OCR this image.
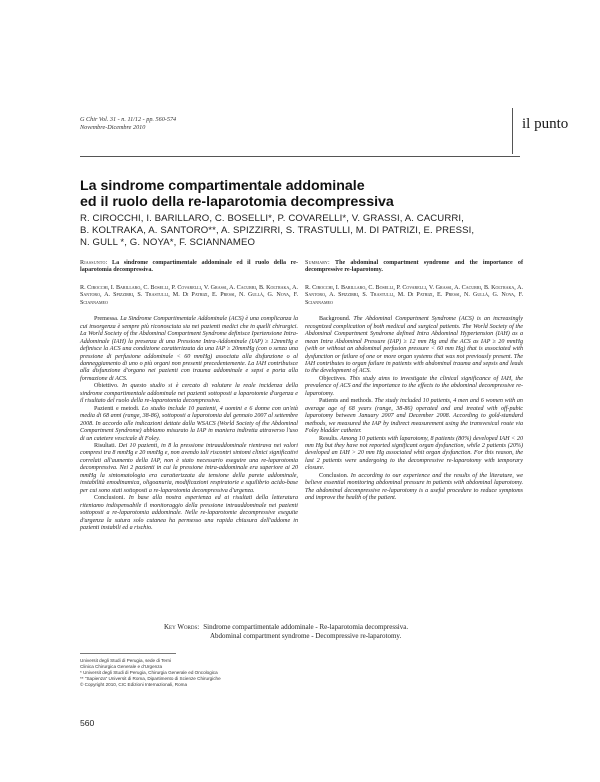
G Chir Vol. 31 - n. 11/12 - pp. 560-574
Novembre-Dicembre 2010	il punto
La sindrome compartimentale addominale
ed il ruolo della re-laparotomia decompressiva
R. CIROCCHI, I. BARILLARO, C. BOSELLI*, P. COVARELLI*, V. GRASSI, A. CACURRI,
B. KOLTRAKA, A. SANTORO**, A. SPIZZIRRI, S. TRASTULLI, M. DI PATRIZI, E. PRESSI,
N. GULL *, G. NOYA*, F. SCIANNAMEO
Riassunto: La sindrome compartimentale addominale ed il ruolo della re-laparotomia decompressiva.
R. Cirocchi, I. Barillaro, C. Boselli, P. Covarelli, V. Grassi, A. Cacurri, B. Koltraka, A. Santoro, A. Spizzirri, S. Trastulli, M. Di Patrizi, E. Pressi, N. Gullà, G. Noya, F. Sciannameo

Premessa. La Sindrome Compartimentale Addominale (ACS) è una complicanza la cui insorgenza è sempre più riconosciuta sia nei pazienti medici che in quelli chirurgici. La World Society of the Abdominal Compartment Syndrome definisce Ipertensione Intra-Addominale (IAH) la presenza di una Pressione Intra-Addominale (IAP) ≥ 12mmHg e definisce la ACS una condizione caratterizzata da una IAP ≥ 20mmHg (con o senza una pressione di perfusione addominale < 60 mmHg) associata alla disfunzione o al danneggiamento di uno o più organi non presenti precedentemente. La IAH contribuisce alla disfunzione d'organo nei pazienti con trauma addominale e sepsi e porta alla formazione di ACS.

Obiettivo. In questo studio si è cercato di valutare la reale incidenza della sindrome compartimentale addominale nei pazienti sottoposti a laparotomie d'urgenza e il risultato del ruolo della re-laparotomia decompressiva.

Pazienti e metodi. Lo studio include 10 pazienti, 4 uomini e 6 donne con un'età media di 68 anni (range, 38-86), sottoposti a laparotomia dal gennaio 2007 al settembre 2008. In accordo alle indicazioni dettate dalla WSACS (World Society of the Abdominal Compartment Syndrome) abbiamo misurato la IAP in maniera indiretta attraverso l'uso di un catetere vescicale di Foley.

Risultati. Dei 10 pazienti, in 8 la pressione intraaddominale rientrava nei valori compresi tra 8 mmHg e 20 mmHg e, non avendo tali riscontri sintomi clinici significativi correlati all'aumento della IAP, non è stato necessario eseguire una re-laparotomia decompressiva. Nei 2 pazienti in cui la pressione intra-addominale era superiore ai 20 mmHg la sintomatologia era caratterizzata da tensione della parete addominale, instabilità emodinamica, oligoanuria, modificazioni respiratorie e squilibrio acido-base per cui sono stati sottoposti a re-laparotomia decompressiva d'urgenza.

Conclusioni. In base alla nostra esperienza ed ai risultati della letteratura riteniamo indispensabile il monitoraggio della pressione intraaddominale nei pazienti sottoposti a re-laparotomia addominale. Nelle re-laparotomie decompressive eseguite d'urgenza la sutura solo cutanea ha permesso una rapida chiusura dell'addome in pazienti instabili ed a rischio.

Summary: The abdominal compartment syndrome and the importance of decompressive re-laparotomy.
R. Cirocchi, I. Barillaro, C. Boselli, P. Covarelli, V. Grassi, A. Cacurri, B. Koltraka, A. Santoro, A. Spizzirri, S. Trastulli, M. Di Patrizi, E. Pressi, N. Gullà, G. Noya, F. Sciannameo

Background. The Abdominal Compartment Syndrome (ACS) is an increasingly recognized complication of both medical and surgical patients. The World Society of the Abdominal Compartment Syndrome defined Intra Abdominal Hypertension (IAH) as a mean Intra Abdominal Pressure (IAP) ≥ 12 mm Hg and the ACS as IAP ≥ 20 mmHg (with or without an abdominal perfusion pressure < 60 mm Hg) that is associated with dysfunction or failure of one or more organ systems that was not previously present. The IAH contributes to organ failure in patients with abdominal trauma and sepsis and leads to the development of ACS.

Objectives. This study aims to investigate the clinical significance of IAH, the prevalence of ACS and the importance to the effects to the abdominal decompressive re-laparotomy.

Patients and methods. The study included 10 patients, 4 men and 6 women with an average age of 68 years (range, 38-86) operated and and treated with off-pubic laparotomy between January 2007 and December 2008. According to gold-standard methods, we measured the IAP by indirect measurement using the transvesical route via Foley bladder catheter.

Results. Among 10 patients with laparotomy, 8 patients (80%) developed IAH < 20 mm Hg but they have not reported significant organ dysfunction, while 2 patients (20%) developed an IAH > 20 mm Hg associated whit organ dysfunction. For this reason, the last 2 patients were undergoing to the decompressive re-laparotomy with temporary closure.

Conclusion. In according to our experience and the results of the literature, we believe essential monitoring abdominal pressure in patients with abdominal laparotomy. The abdominal decompressive re-laparotomy is a useful procedure to reduce symptoms and improve the health of the patient.

Key Words: Sindrome compartimentale addominale - Re-laparotomia decompressiva.
Abdominal compartment syndrome - Decompressive re-laparotomy.
Universit degli Studi di Perugia, sede di Terni
Clinica Chirurgica Generale e d'Urgenza
* Universit degli Studi di Perugia, Chirurgia Generale ed Oncologica
** "Sapienza" Universit di Roma, Dipartimento di Scienze Chirurgiche
© Copyright 2010, CIC Edizioni Internazionali, Roma
560
